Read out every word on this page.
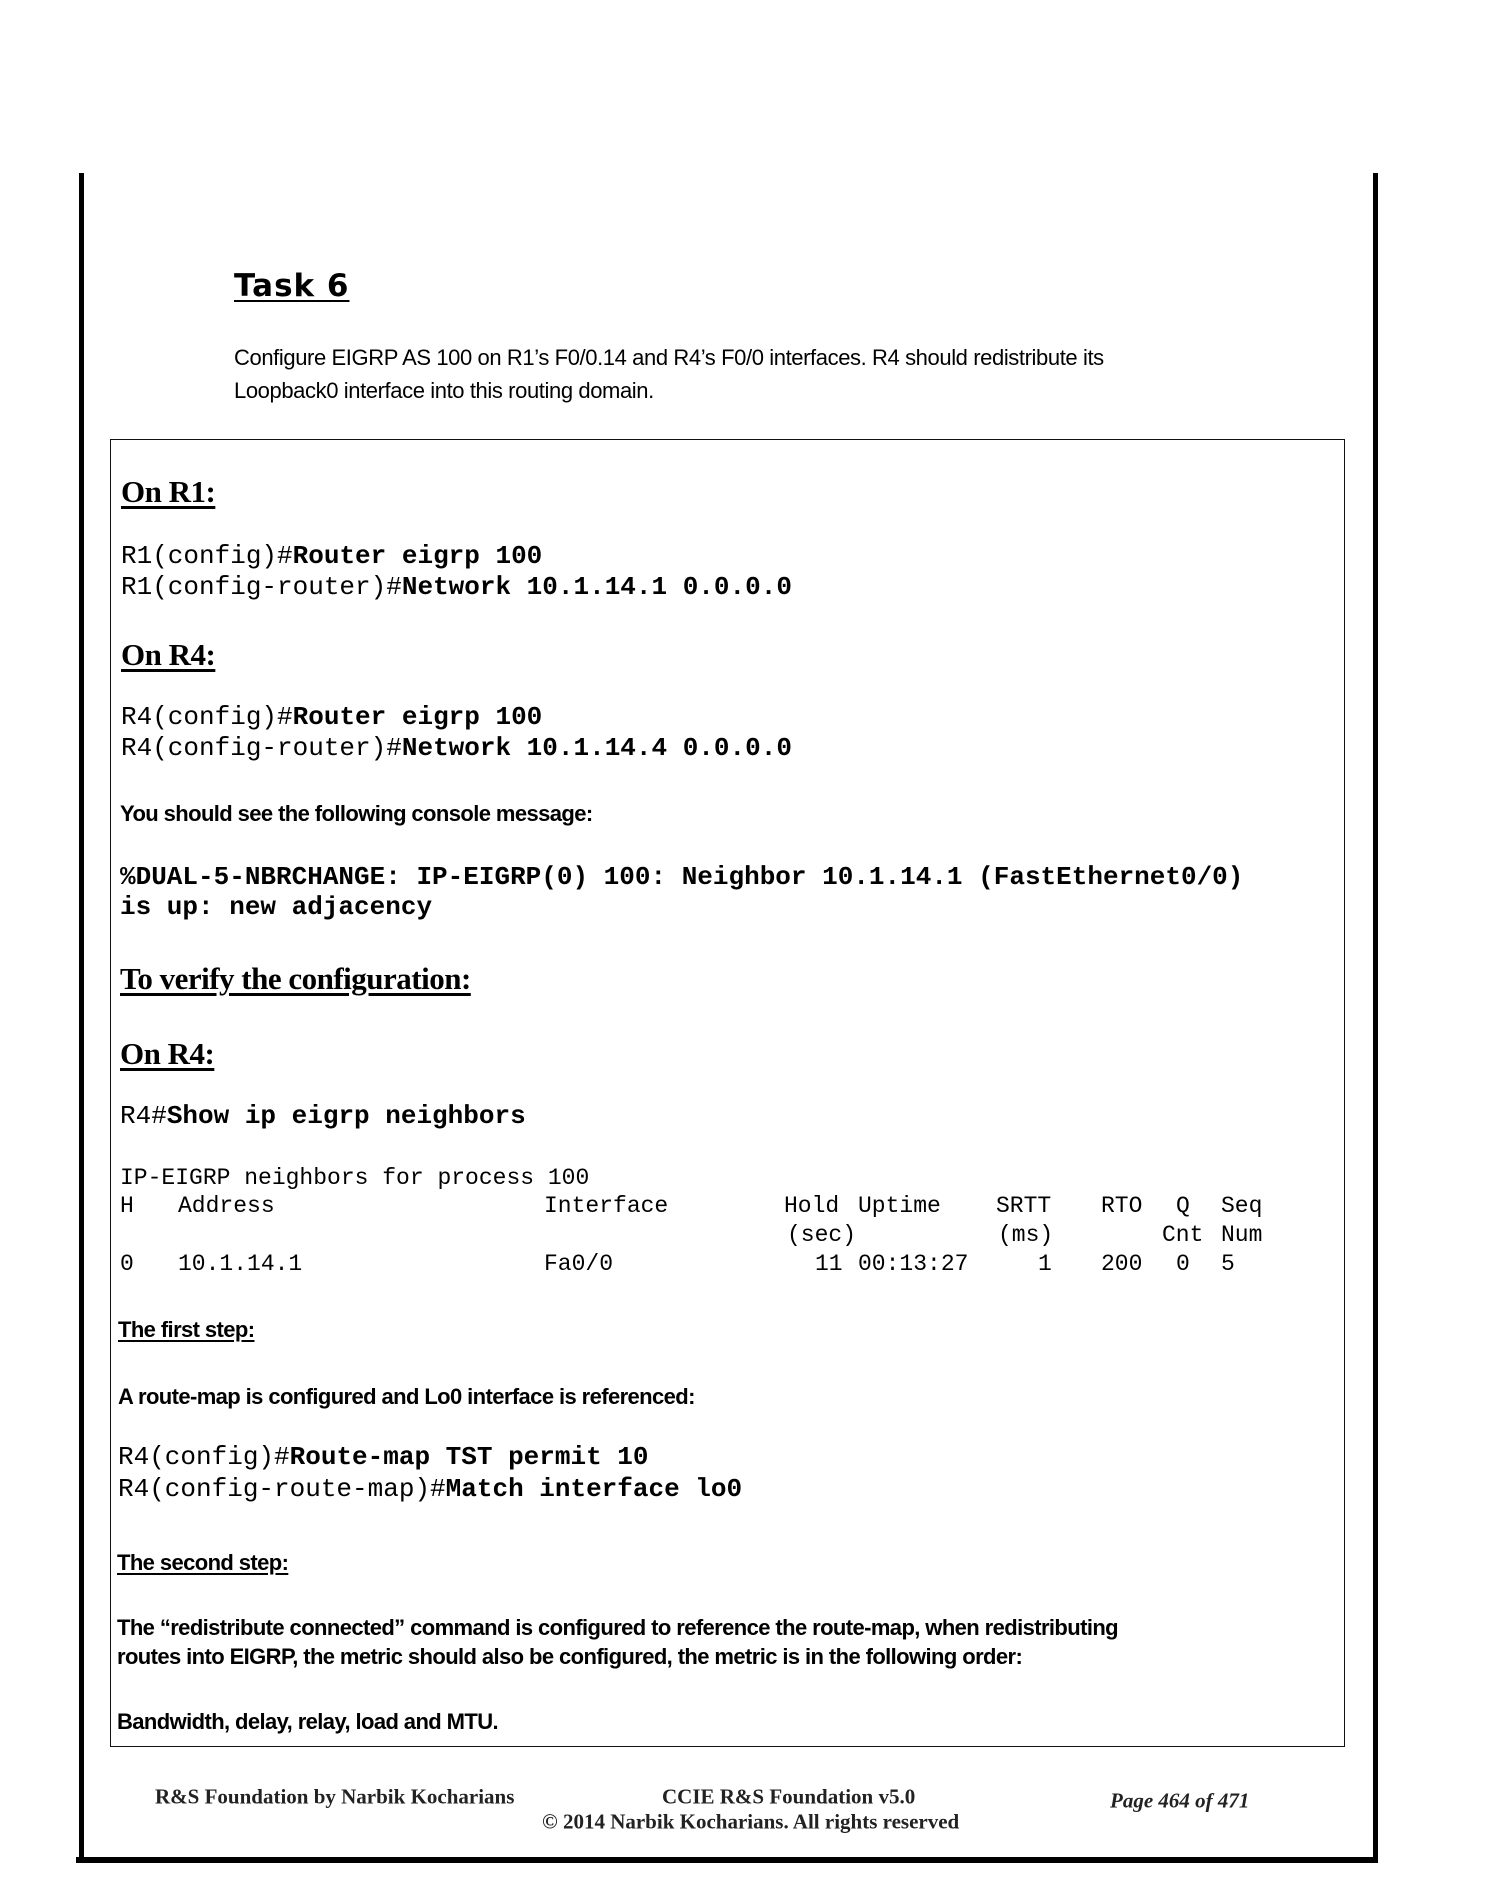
Task 6
Configure EIGRP AS 100 on R1’s F0/0.14 and R4’s F0/0 interfaces. R4 should redistribute its
Loopback0 interface into this routing domain.
On R1:
R1(config)#Router eigrp 100
R1(config-router)#Network 10.1.14.1 0.0.0.0
On R4:
R4(config)#Router eigrp 100
R4(config-router)#Network 10.1.14.4 0.0.0.0
You should see the following console message:
%DUAL-5-NBRCHANGE: IP-EIGRP(0) 100: Neighbor 10.1.14.1 (FastEthernet0/0)
is up: new adjacency
To verify the configuration:
On R4:
R4#Show ip eigrp neighbors
IP-EIGRP neighbors for process 100
H Address	Interface	Hold Uptime SRTT RTO Q Seq
(sec)	(ms)	Cnt Num
0 10.1.14.1	Fa0/0	11 00:13:27	1 200 0 5
The first step:
A route-map is configured and Lo0 interface is referenced:
R4(config)#Route-map TST permit 10
R4(config-route-map)#Match interface lo0
The second step:
The “redistribute connected” command is configured to reference the route-map, when redistributing
routes into EIGRP, the metric should also be configured, the metric is in the following order:
Bandwidth, delay, relay, load and MTU.
R&S Foundation by Narbik Kocharians	CCIE R&S Foundation v5.0	Page 464 of 471
© 2014 Narbik Kocharians. All rights reserved
